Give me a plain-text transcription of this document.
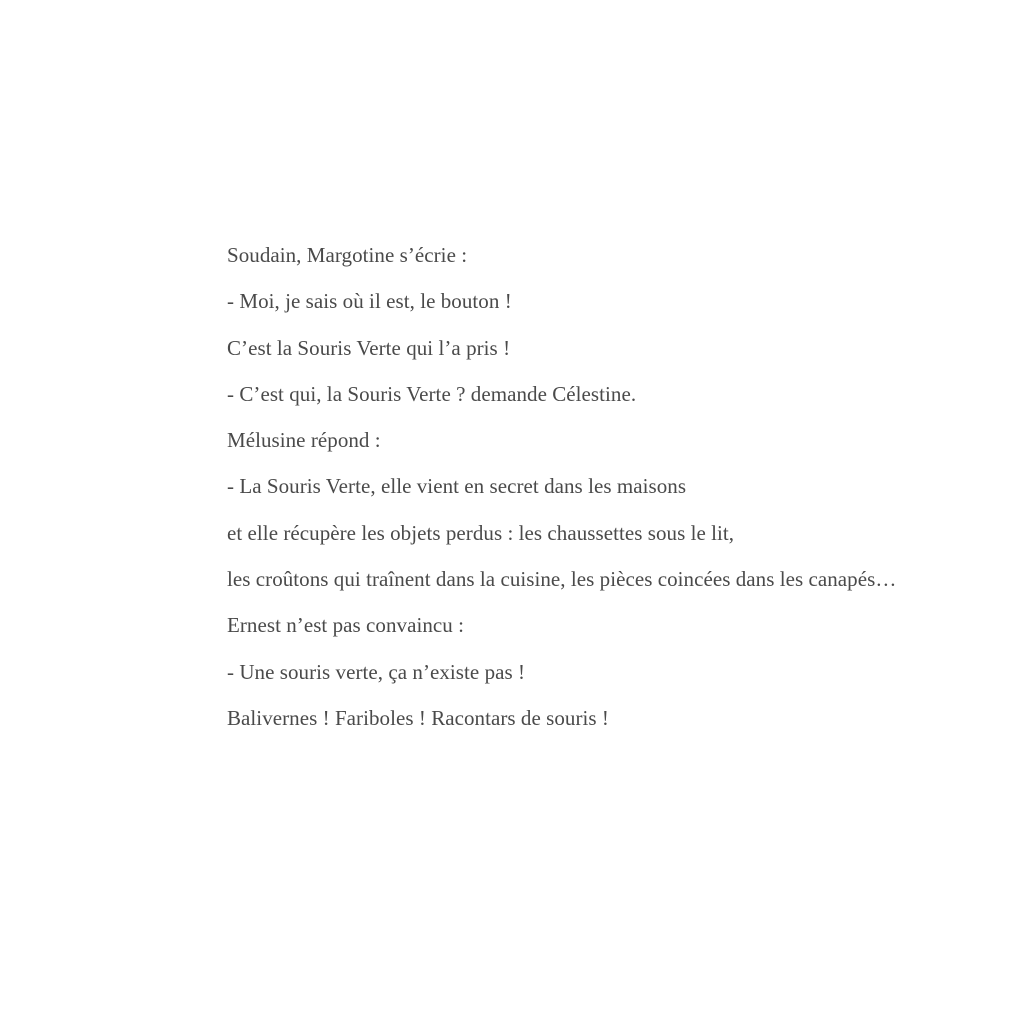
Soudain, Margotine s’écrie :

- Moi, je sais où il est, le bouton !

C’est la Souris Verte qui l’a pris !

- C’est qui, la Souris Verte ? demande Célestine.

Mélusine répond :

- La Souris Verte, elle vient en secret dans les maisons

et elle récupère les objets perdus : les chaussettes sous le lit,

les croûtons qui traînent dans la cuisine, les pièces coincées dans les canapés…

Ernest n’est pas convaincu :

- Une souris verte, ça n’existe pas !

Balivernes ! Fariboles ! Racontars de souris !
